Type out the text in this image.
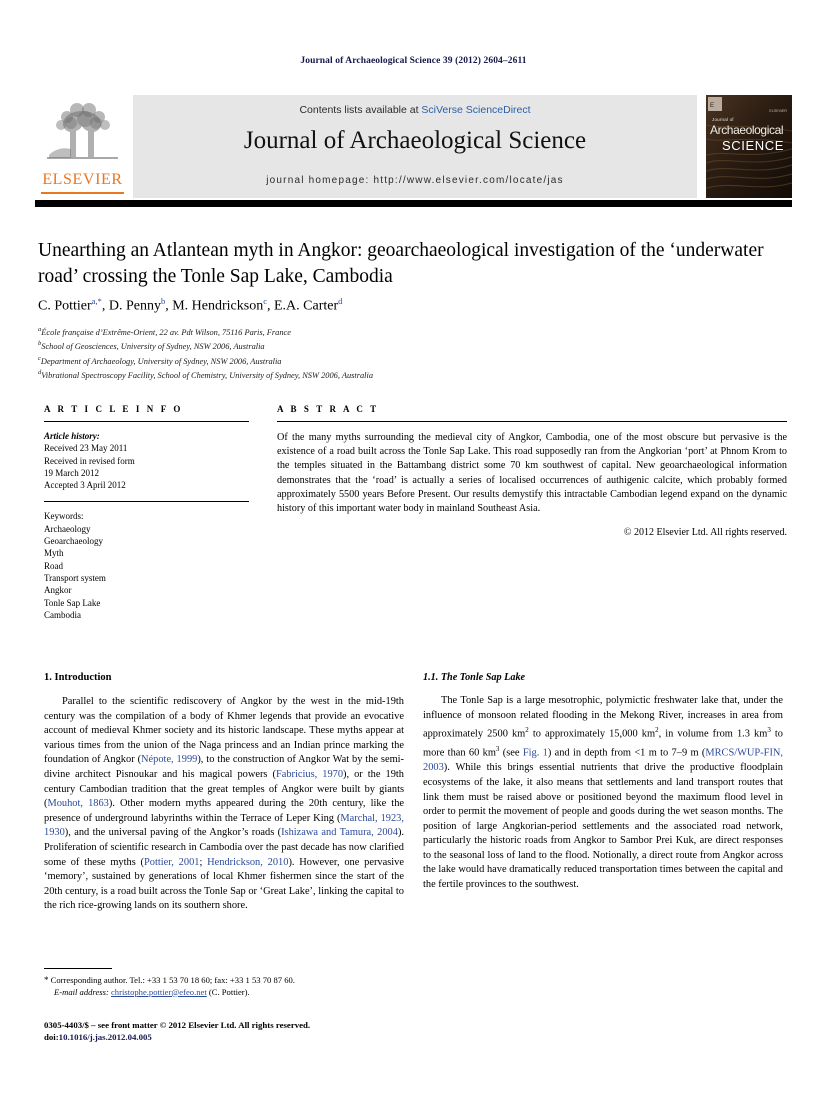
Journal of Archaeological Science 39 (2012) 2604–2611
ELSEVIER
Contents lists available at SciVerse ScienceDirect
Journal of Archaeological Science
journal homepage: http://www.elsevier.com/locate/jas
E
ELSEVIER
Journal of
Archaeological
SCIENCE
Unearthing an Atlantean myth in Angkor: geoarchaeological investigation of the ‘underwater road’ crossing the Tonle Sap Lake, Cambodia
C. Pottier$^{a,*}$, D. Penny$^b$, M. Hendrickson$^c$, E.A. Carter$^d$
$^a$École française d’Extrême-Orient, 22 av. Pdt Wilson, 75116 Paris, France
$^b$School of Geosciences, University of Sydney, NSW 2006, Australia
$^c$Department of Archaeology, University of Sydney, NSW 2006, Australia
$^d$Vibrational Spectroscopy Facility, School of Chemistry, University of Sydney, NSW 2006, Australia
A R T I C L E I N F O
Article history:
Received 23 May 2011
Received in revised form
19 March 2012
Accepted 3 April 2012
Keywords:
Archaeology
Geoarchaeology
Myth
Road
Transport system
Angkor
Tonle Sap Lake
Cambodia
A B S T R A C T
Of the many myths surrounding the medieval city of Angkor, Cambodia, one of the most obscure but pervasive is the existence of a road built across the Tonle Sap Lake. This road supposedly ran from the Angkorian ‘port’ at Phnom Krom to the temples situated in the Battambang district some 70 km southwest of capital. New geoarchaeological information demonstrates that the ‘road’ is actually a series of localised occurrences of authigenic calcite, which probably formed approximately 5500 years Before Present. Our results demystify this intractable Cambodian legend expand on the dynamic history of this important water body in mainland Southeast Asia.
© 2012 Elsevier Ltd. All rights reserved.
1. Introduction

Parallel to the scientific rediscovery of Angkor by the west in the mid-19th century was the compilation of a body of Khmer legends that provide an evocative account of medieval Khmer society and its historic landscape. These myths appear at various times from the union of the Naga princess and an Indian prince marking the foundation of Angkor (Népote, 1999), to the construction of Angkor Wat by the semi-divine architect Pisnoukar and his magical powers (Fabricius, 1970), or the 19th century Cambodian tradition that the great temples of Angkor were built by giants (Mouhot, 1863). Other modern myths appeared during the 20th century, like the presence of underground labyrinths within the Terrace of Leper King (Marchal, 1923, 1930), and the universal paving of the Angkor’s roads (Ishizawa and Tamura, 2004). Proliferation of scientific research in Cambodia over the past decade has now clarified some of these myths (Pottier, 2001; Hendrickson, 2010). However, one pervasive ‘memory’, sustained by generations of local Khmer fishermen since the start of the 20th century, is a road built across the Tonle Sap or ‘Great Lake’, linking the capital to the rich rice-growing lands on its southern shore.

1.1. The Tonle Sap Lake

The Tonle Sap is a large mesotrophic, polymictic freshwater lake that, under the influence of monsoon related flooding in the Mekong River, increases in area from approximately 2500 $km^2$ to approximately 15,000 $km^2$, in volume from 1.3 $km^3$ to more than 60 $km^3$ (see Fig. 1) and in depth from <1 m to 7–9 m (MRCS/WUP-FIN, 2003). While this brings essential nutrients that drive the productive floodplain ecosystems of the lake, it also means that settlements and land transport routes that link them must be raised above or positioned beyond the maximum flood level in order to permit the movement of people and goods during the wet season months. The position of large Angkorian-period settlements and the associated road network, particularly the historic roads from Angkor to Sambor Prei Kuk, are direct responses to the seasonal loss of land to the flood. Notionally, a direct route from Angkor across the lake would have dramatically reduced transportation times between the capital and the fertile provinces to the southwest.

* Corresponding author. Tel.: +33 1 53 70 18 60; fax: +33 1 53 70 87 60.
E-mail address: christophe.pottier@efeo.net (C. Pottier).
0305-4403/$ – see front matter © 2012 Elsevier Ltd. All rights reserved.
doi:10.1016/j.jas.2012.04.005
